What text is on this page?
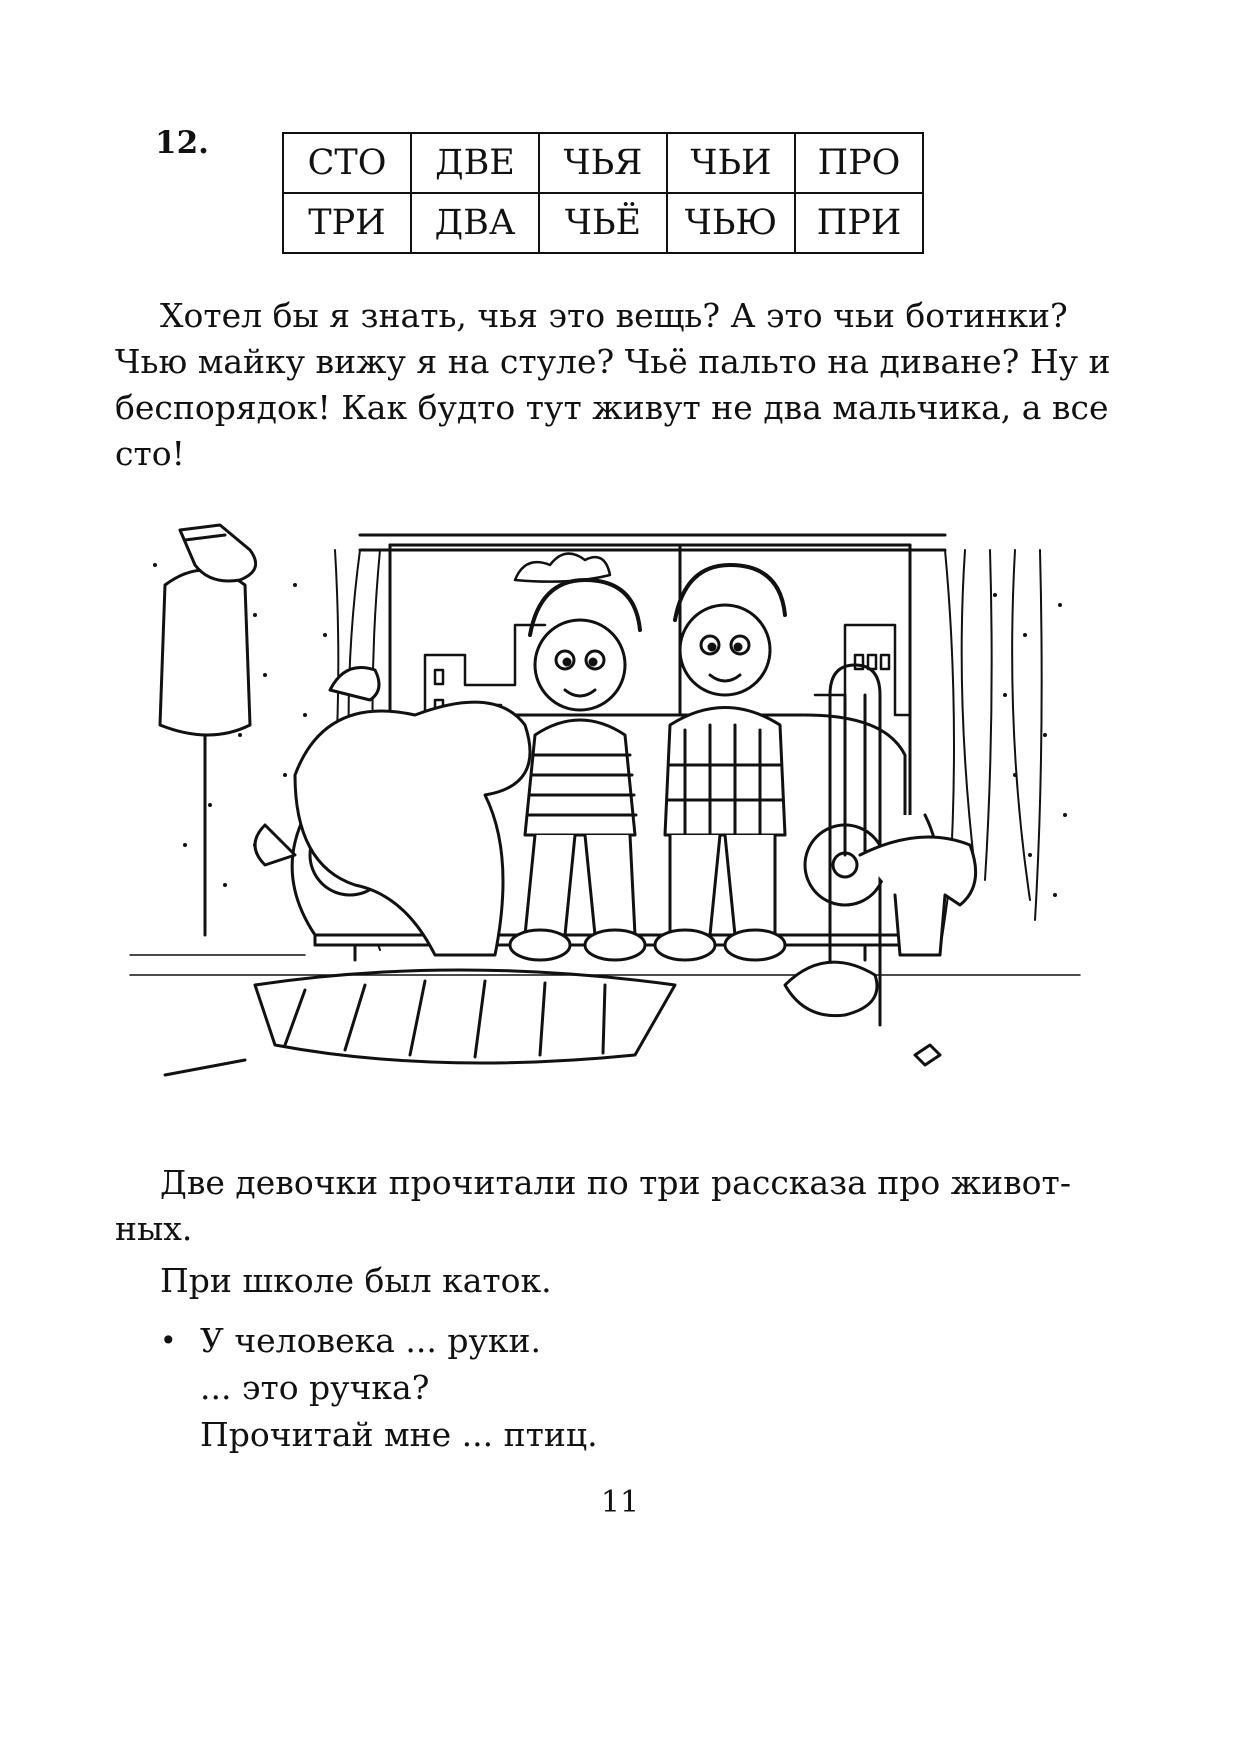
12.	СТО	ДВЕ	ЧЬЯ	ЧЬИ	ПРО
ТРИ	ДВА	ЧЬЁ	ЧЬЮ	ПРИ

Хотел бы я знать, чья это вещь? А это чьи ботинки? Чью майку вижу я на стуле? Чьё пальто на диване? Ну и беспорядок! Как будто тут живут не два мальчика, а все сто!

Две девочки прочитали по три рассказа про животных.

При школе был каток.

• У человека ... руки.
... это ручка?
Прочитай мне ... птиц.

11
